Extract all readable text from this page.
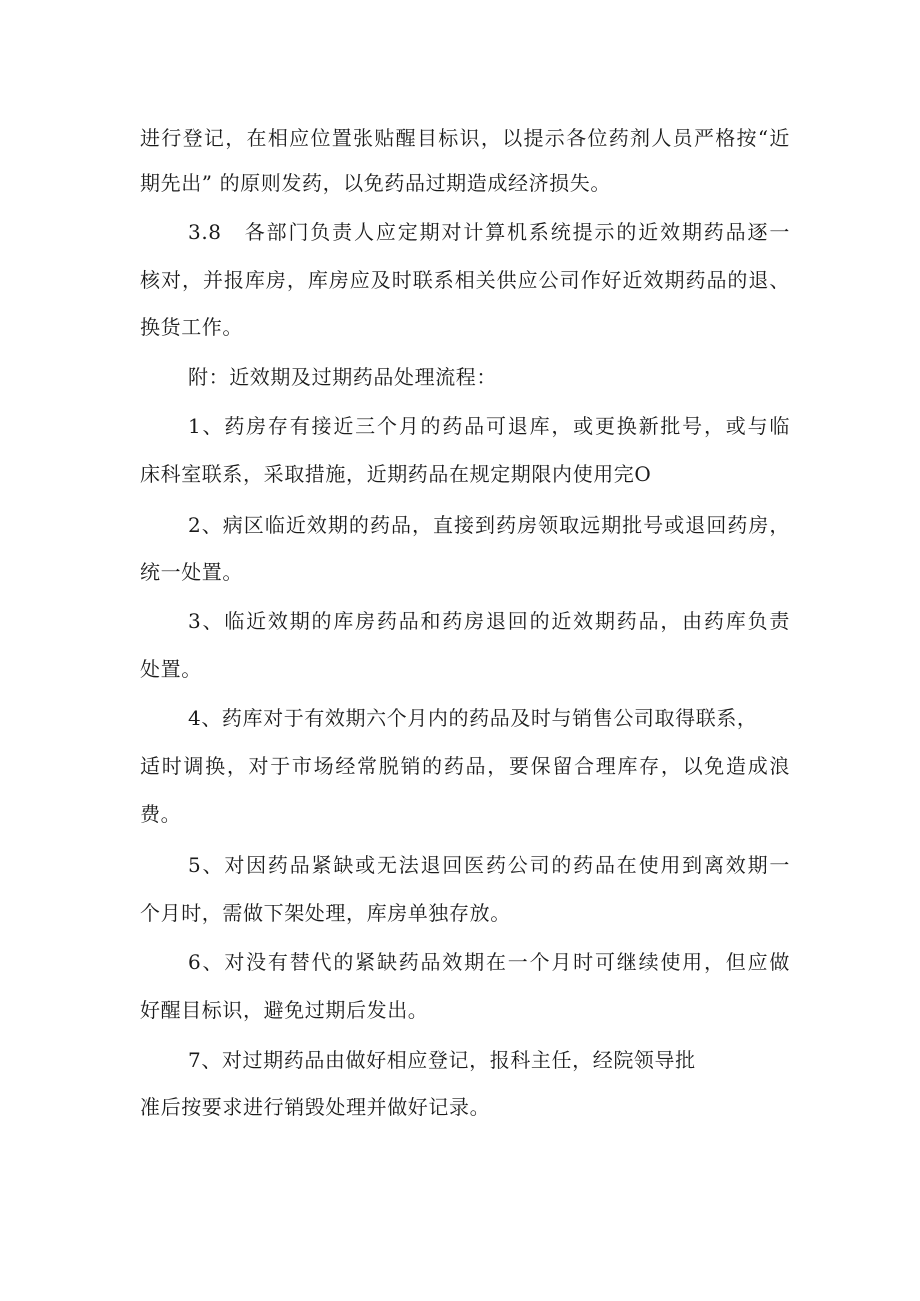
进行登记，在相应位置张贴醒目标识，以提示各位药剂人员严格按“近
期先出” 的原则发药，以免药品过期造成经济损失。
3.8　各部门负责人应定期对计算机系统提示的近效期药品逐一
核对，并报库房，库房应及时联系相关供应公司作好近效期药品的退、
换货工作。
附：近效期及过期药品处理流程：
1、药房存有接近三个月的药品可退库，或更换新批号，或与临
床科室联系，采取措施，近期药品在规定期限内使用完O
2、病区临近效期的药品，直接到药房领取远期批号或退回药房，
统一处置。
3、临近效期的库房药品和药房退回的近效期药品，由药库负责
处置。
4、药库对于有效期六个月内的药品及时与销售公司取得联系，
适时调换，对于市场经常脱销的药品，要保留合理库存，以免造成浪
费。
5、对因药品紧缺或无法退回医药公司的药品在使用到离效期一
个月时，需做下架处理，库房单独存放。
6、对没有替代的紧缺药品效期在一个月时可继续使用，但应做
好醒目标识，避免过期后发出。
7、对过期药品由做好相应登记，报科主任，经院领导批
准后按要求进行销毁处理并做好记录。
